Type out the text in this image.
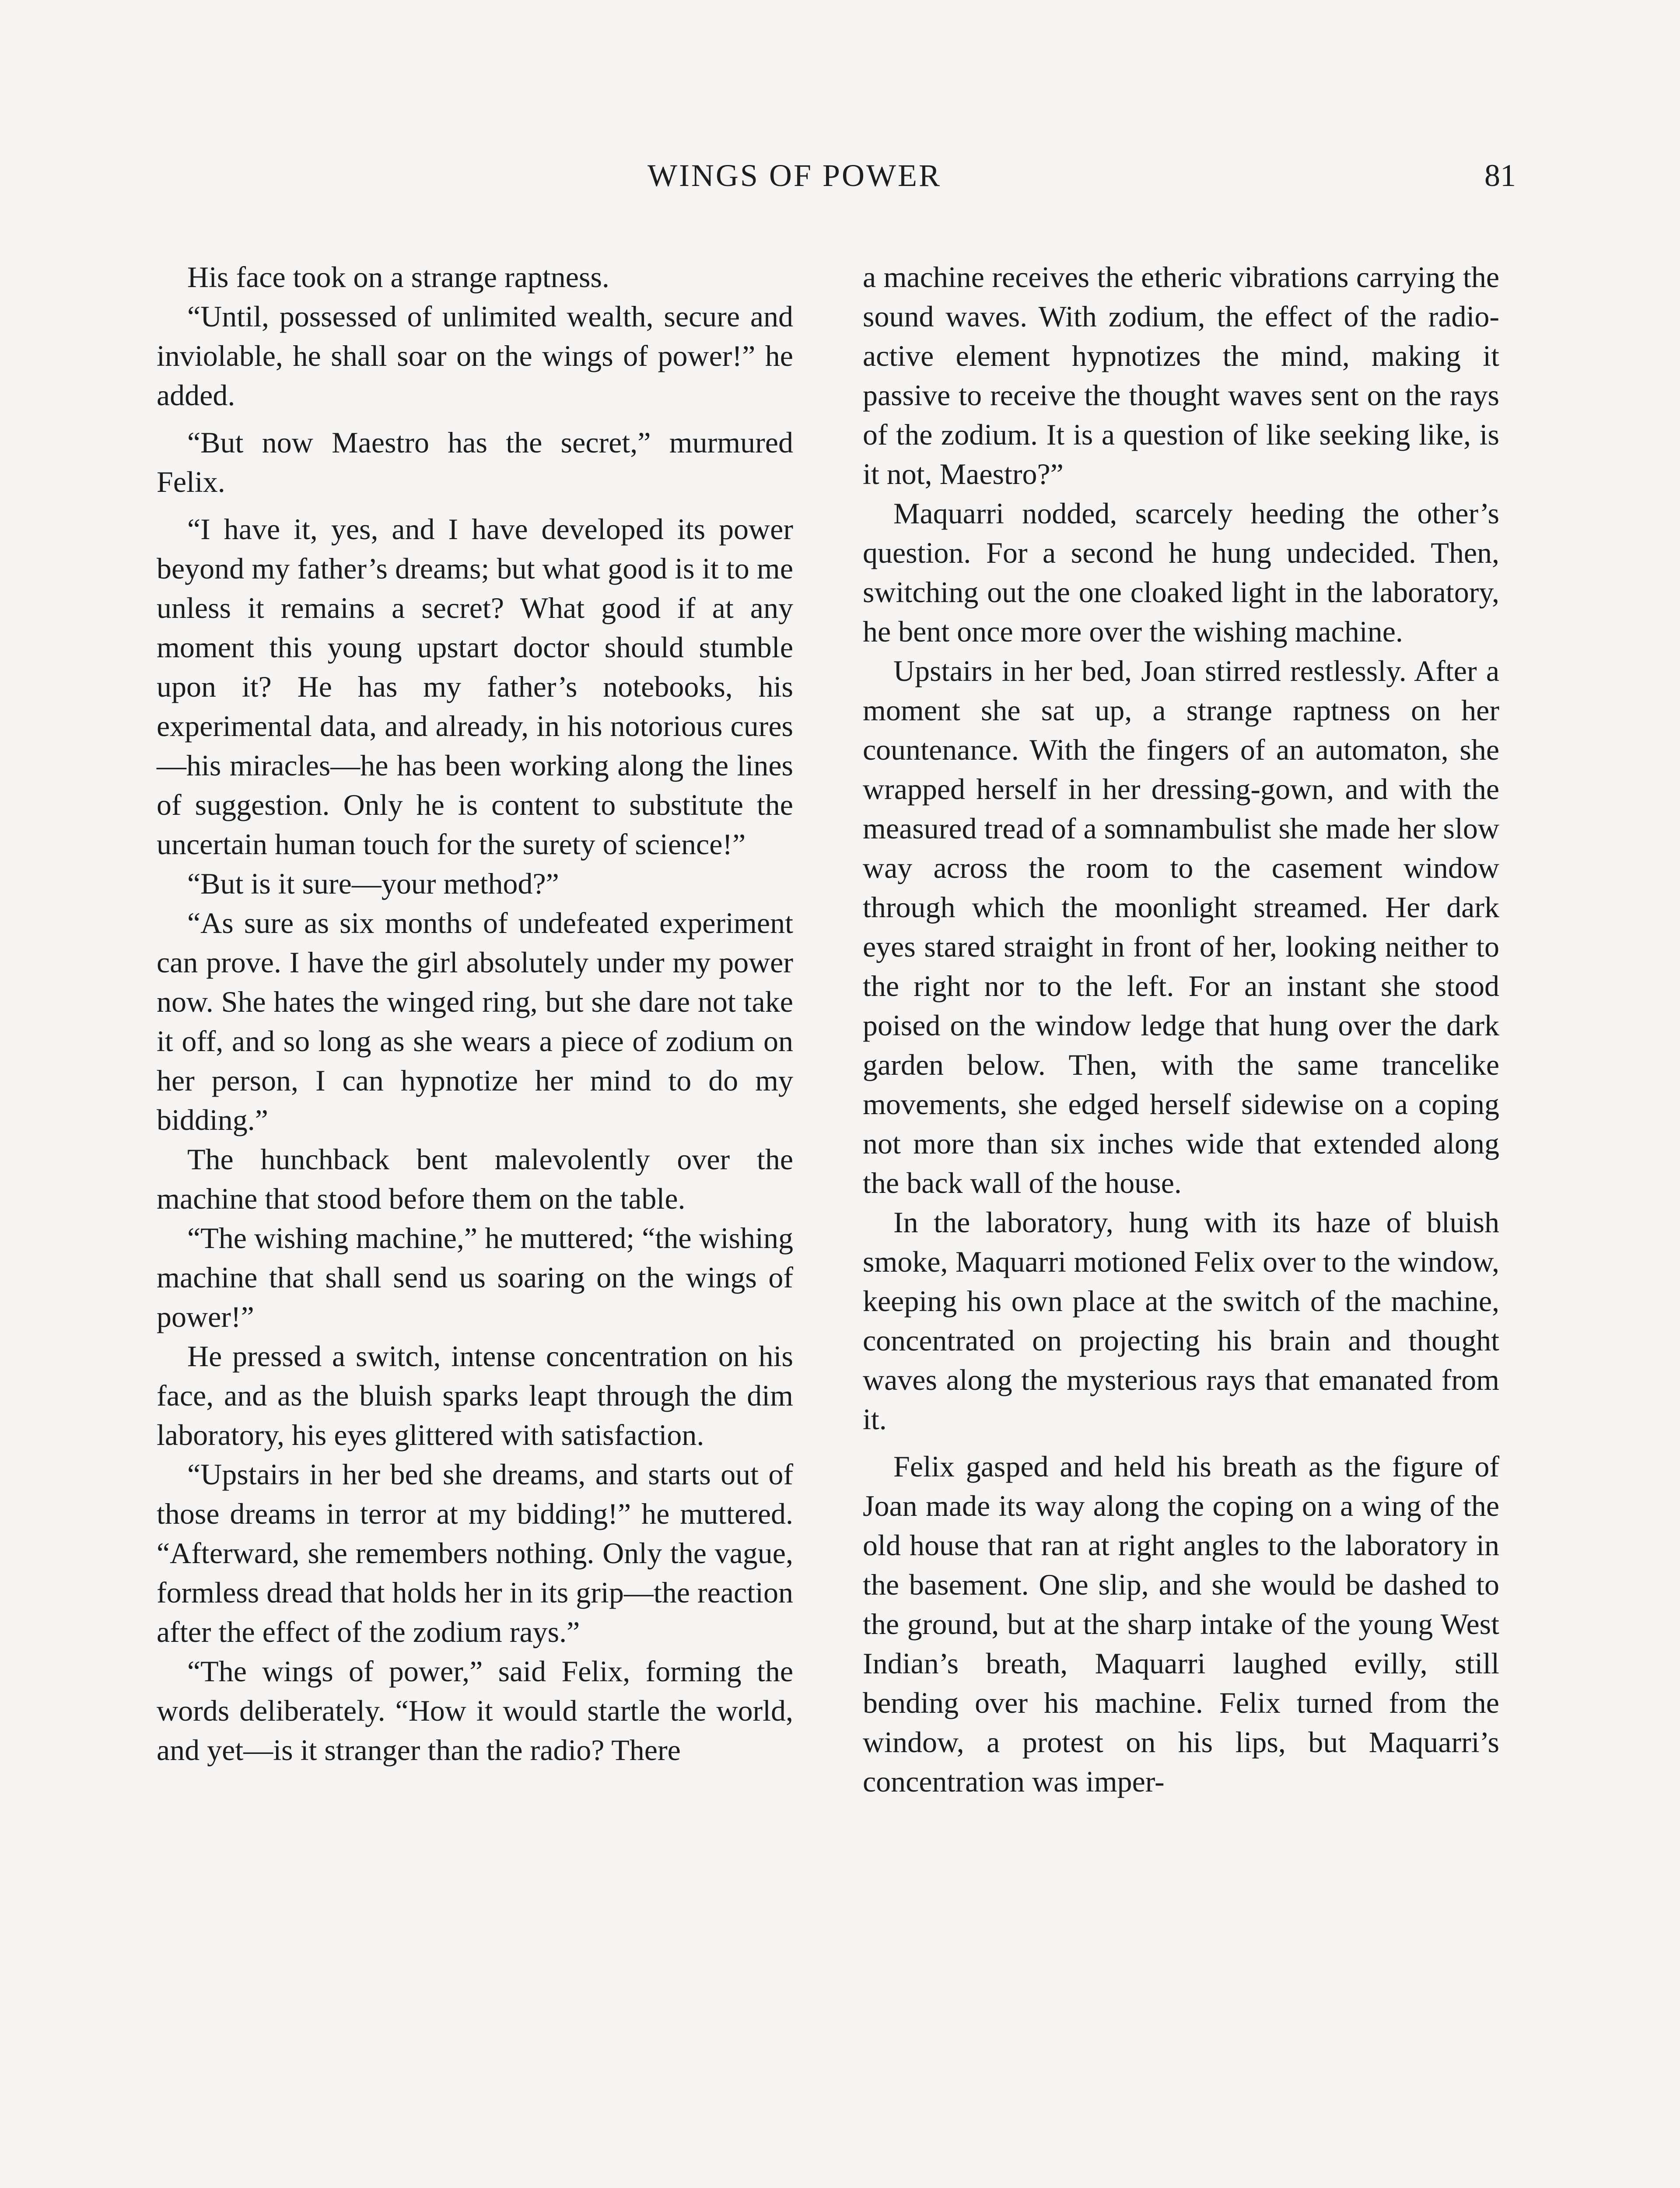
WINGS OF POWER	81

His face took on a strange raptness.

“Until, possessed of unlimited wealth, secure and inviolable, he shall soar on the wings of power!” he added.

“But now Maestro has the secret,” murmured Felix.

“I have it, yes, and I have developed its power beyond my father’s dreams; but what good is it to me unless it remains a secret? What good if at any moment this young upstart doctor should stumble upon it? He has my father’s notebooks, his experimental data, and already, in his notorious cures—his miracles—he has been working along the lines of suggestion. Only he is content to substitute the uncertain human touch for the surety of science!”

“But is it sure—your method?”

“As sure as six months of undefeated experiment can prove. I have the girl absolutely under my power now. She hates the winged ring, but she dare not take it off, and so long as she wears a piece of zodium on her person, I can hypnotize her mind to do my bidding.”

The hunchback bent malevolently over the machine that stood before them on the table.

“The wishing machine,” he muttered; “the wishing machine that shall send us soaring on the wings of power!”

He pressed a switch, intense concentration on his face, and as the bluish sparks leapt through the dim laboratory, his eyes glittered with satisfaction.

“Upstairs in her bed she dreams, and starts out of those dreams in terror at my bidding!” he muttered. “Afterward, she remembers nothing. Only the vague, formless dread that holds her in its grip—the reaction after the effect of the zodium rays.”

“The wings of power,” said Felix, forming the words deliberately. “How it would startle the world, and yet—is it stranger than the radio? There

a machine receives the etheric vibrations carrying the sound waves. With zodium, the effect of the radio-active element hypnotizes the mind, making it passive to receive the thought waves sent on the rays of the zodium. It is a question of like seeking like, is it not, Maestro?”

Maquarri nodded, scarcely heeding the other’s question. For a second he hung undecided. Then, switching out the one cloaked light in the laboratory, he bent once more over the wishing machine.

Upstairs in her bed, Joan stirred restlessly. After a moment she sat up, a strange raptness on her countenance. With the fingers of an automaton, she wrapped herself in her dressing-gown, and with the measured tread of a somnambulist she made her slow way across the room to the casement window through which the moonlight streamed. Her dark eyes stared straight in front of her, looking neither to the right nor to the left. For an instant she stood poised on the window ledge that hung over the dark garden below. Then, with the same trancelike movements, she edged herself sidewise on a coping not more than six inches wide that extended along the back wall of the house.

In the laboratory, hung with its haze of bluish smoke, Maquarri motioned Felix over to the window, keeping his own place at the switch of the machine, concentrated on projecting his brain and thought waves along the mysterious rays that emanated from it.

Felix gasped and held his breath as the figure of Joan made its way along the coping on a wing of the old house that ran at right angles to the laboratory in the basement. One slip, and she would be dashed to the ground, but at the sharp intake of the young West Indian’s breath, Maquarri laughed evilly, still bending over his machine. Felix turned from the window, a protest on his lips, but Maquarri’s concentration was imper-
